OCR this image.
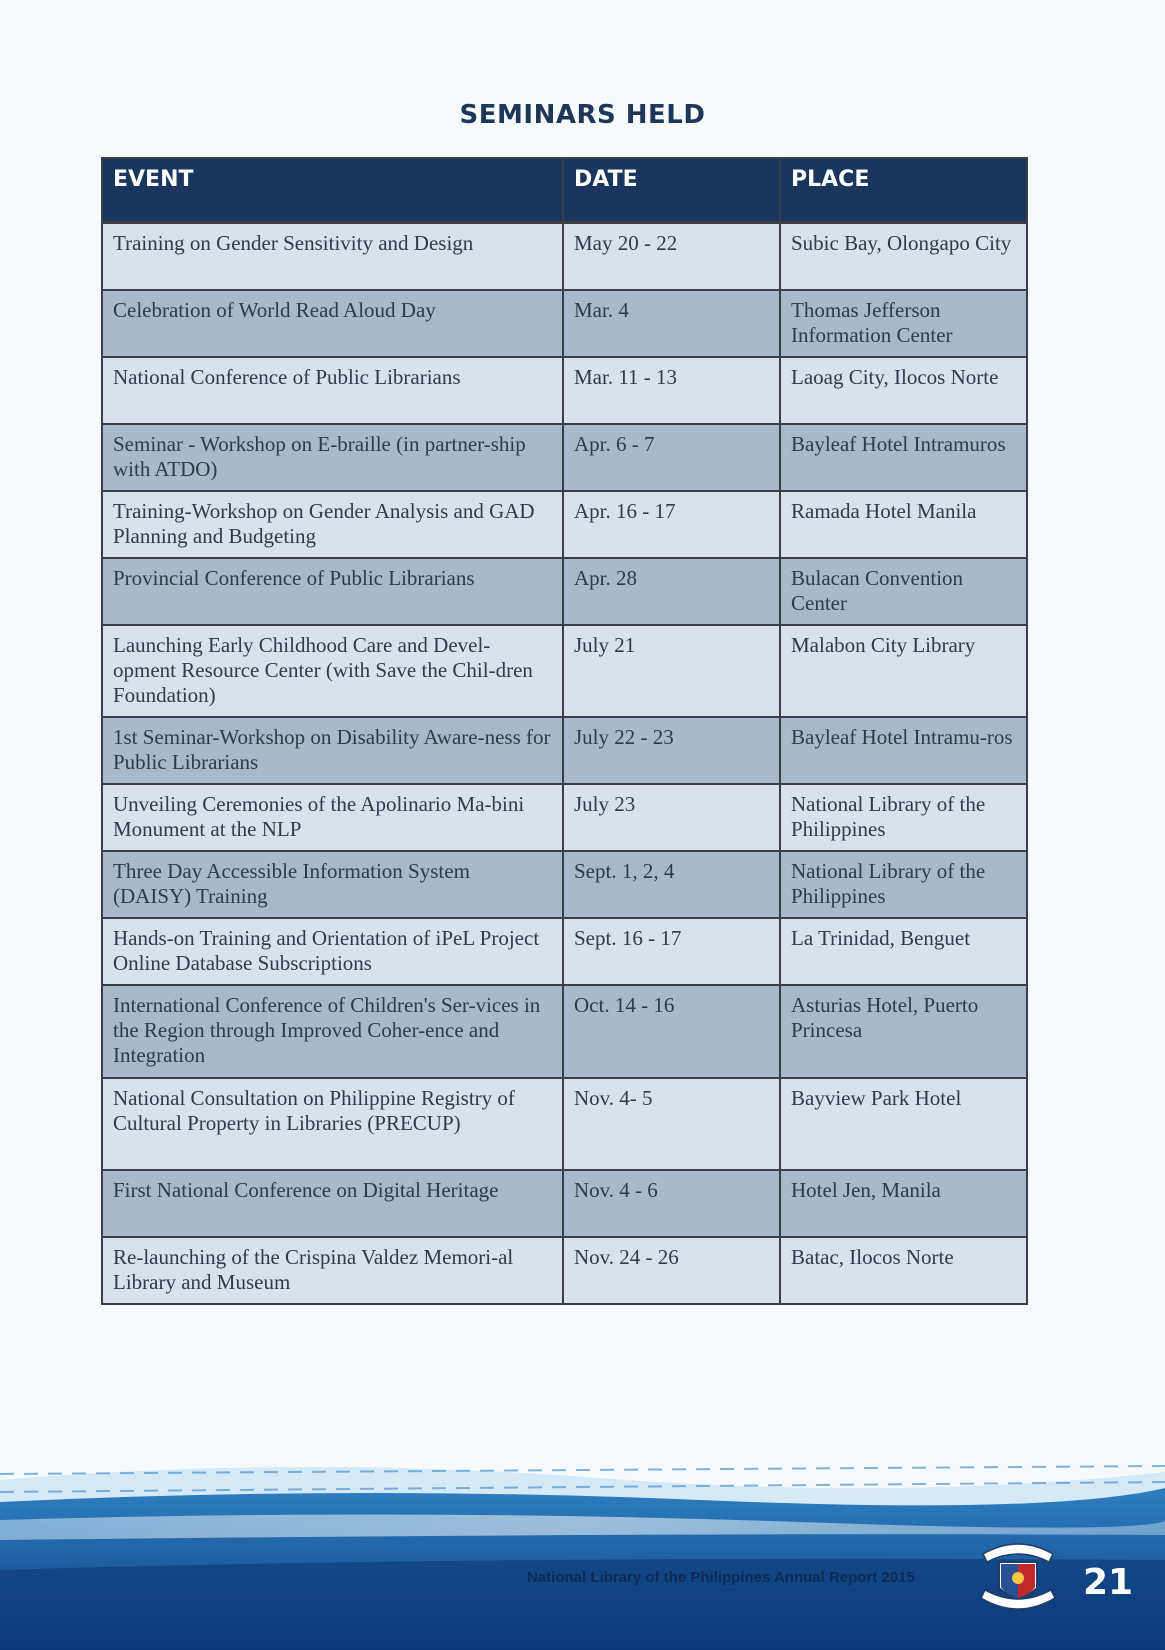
SEMINARS HELD
EVENT	DATE	PLACE
Training on Gender Sensitivity and Design	May 20 - 22	Subic Bay, Olongapo City
Celebration of World Read Aloud Day	Mar. 4	Thomas Jefferson Information Center
National Conference of Public Librarians	Mar. 11 - 13	Laoag City, Ilocos Norte
Seminar - Workshop on E-braille (in partner-ship with ATDO)	Apr. 6 - 7	Bayleaf Hotel Intramuros
Training-Workshop on Gender Analysis and GAD Planning and Budgeting	Apr. 16 - 17	Ramada Hotel Manila
Provincial Conference of Public Librarians	Apr. 28	Bulacan Convention Center
Launching Early Childhood Care and Devel-opment Resource Center (with Save the Chil-dren Foundation)	July 21	Malabon City Library
1st Seminar-Workshop on Disability Aware-ness for Public Librarians	July 22 - 23	Bayleaf Hotel Intramu-ros
Unveiling Ceremonies of the Apolinario Ma-bini Monument at the NLP	July 23	National Library of the Philippines
Three Day Accessible Information System (DAISY) Training	Sept. 1, 2, 4	National Library of the Philippines
Hands-on Training and Orientation of iPeL Project Online Database Subscriptions	Sept. 16 - 17	La Trinidad, Benguet
International Conference of Children's Ser-vices in the Region through Improved Coher-ence and Integration	Oct. 14 - 16	Asturias Hotel, Puerto Princesa
National Consultation on Philippine Registry of Cultural Property in Libraries (PRECUP)	Nov. 4- 5	Bayview Park Hotel
First National Conference on Digital Heritage	Nov. 4 - 6	Hotel Jen, Manila
Re-launching of the Crispina Valdez Memori-al Library and Museum	Nov. 24 - 26	Batac, Ilocos Norte
National Library of the Philippines Annual Report 2015	21
